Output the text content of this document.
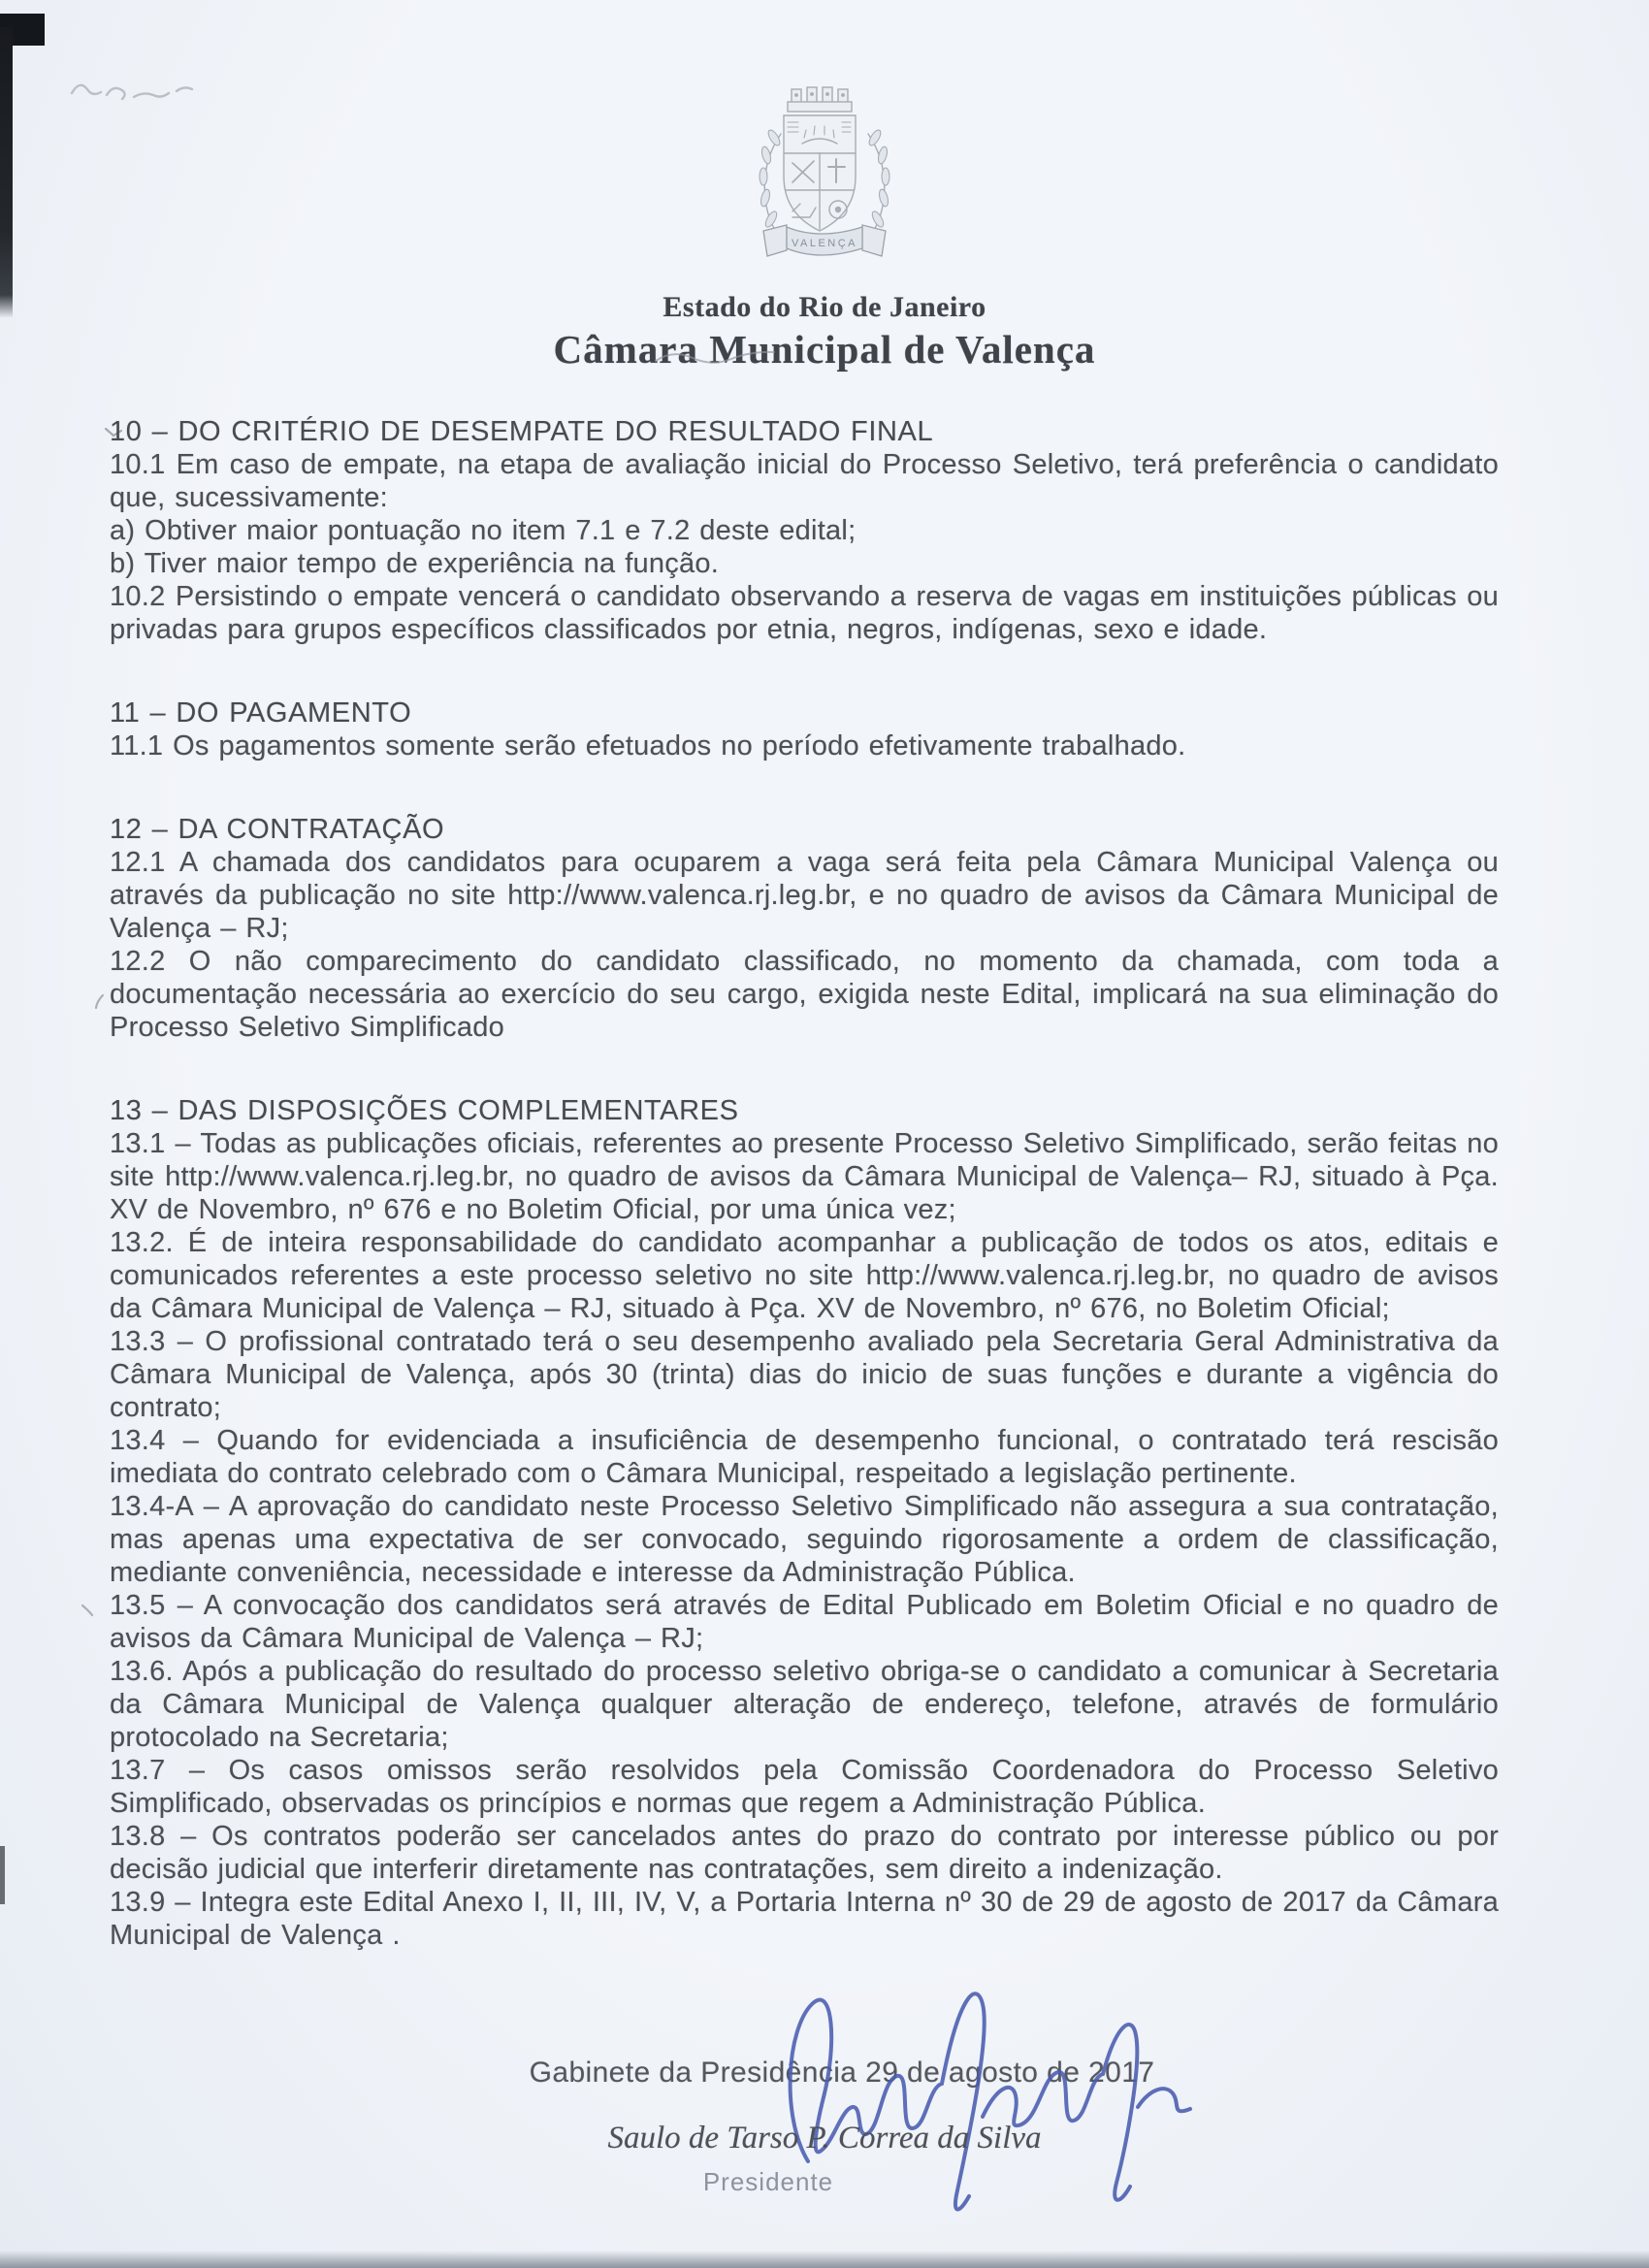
VALENÇA
Estado do Rio de Janeiro
Câmara Municipal de Valença

10 – DO CRITÉRIO DE DESEMPATE DO RESULTADO FINAL

10.1 Em caso de empate, na etapa de avaliação inicial do Processo Seletivo, terá preferência o candidato que, sucessivamente:

a) Obtiver maior pontuação no item 7.1 e 7.2 deste edital;

b) Tiver maior tempo de experiência na função.

10.2 Persistindo o empate vencerá o candidato observando a reserva de vagas em instituições públicas ou privadas para grupos específicos classificados por etnia, negros, indígenas, sexo e idade.

11 – DO PAGAMENTO

11.1 Os pagamentos somente serão efetuados no período efetivamente trabalhado.

12 – DA CONTRATAÇÃO

12.1 A chamada dos candidatos para ocuparem a vaga será feita pela Câmara Municipal Valença ou através da publicação no site http://www.valenca.rj.leg.br, e no quadro de avisos da Câmara Municipal de Valença – RJ;

12.2 O não comparecimento do candidato classificado, no momento da chamada, com toda a documentação necessária ao exercício do seu cargo, exigida neste Edital, implicará na sua eliminação do Processo Seletivo Simplificado

13 – DAS DISPOSIÇÕES COMPLEMENTARES

13.1 – Todas as publicações oficiais, referentes ao presente Processo Seletivo Simplificado, serão feitas no site http://www.valenca.rj.leg.br, no quadro de avisos da Câmara Municipal de Valença– RJ, situado à Pça. XV de Novembro, nº 676 e no Boletim Oficial, por uma única vez;

13.2. É de inteira responsabilidade do candidato acompanhar a publicação de todos os atos, editais e comunicados referentes a este processo seletivo no site http://www.valenca.rj.leg.br, no quadro de avisos da Câmara Municipal de Valença – RJ, situado à Pça. XV de Novembro, nº 676, no Boletim Oficial;

13.3 – O profissional contratado terá o seu desempenho avaliado pela Secretaria Geral Administrativa da Câmara Municipal de Valença, após 30 (trinta) dias do inicio de suas funções e durante a vigência do contrato;

13.4 – Quando for evidenciada a insuficiência de desempenho funcional, o contratado terá rescisão imediata do contrato celebrado com o Câmara Municipal, respeitado a legislação pertinente.

13.4-A – A aprovação do candidato neste Processo Seletivo Simplificado não assegura a sua contratação, mas apenas uma expectativa de ser convocado, seguindo rigorosamente a ordem de classificação, mediante conveniência, necessidade e interesse da Administração Pública.

13.5 – A convocação dos candidatos será através de Edital Publicado em Boletim Oficial e no quadro de avisos da Câmara Municipal de Valença – RJ;

13.6. Após a publicação do resultado do processo seletivo obriga-se o candidato a comunicar à Secretaria da Câmara Municipal de Valença qualquer alteração de endereço, telefone, através de formulário protocolado na Secretaria;

13.7 – Os casos omissos serão resolvidos pela Comissão Coordenadora do Processo Seletivo Simplificado, observadas os princípios e normas que regem a Administração Pública.

13.8 – Os contratos poderão ser cancelados antes do prazo do contrato por interesse público ou por decisão judicial que interferir diretamente nas contratações, sem direito a indenização.

13.9 – Integra este Edital Anexo I, II, III, IV, V, a Portaria Interna nº 30 de 29 de agosto de 2017 da Câmara Municipal de Valença .

Gabinete da Presidência 29 de agosto de 2017
Saulo de Tarso P. Correa da Silva
Presidente
